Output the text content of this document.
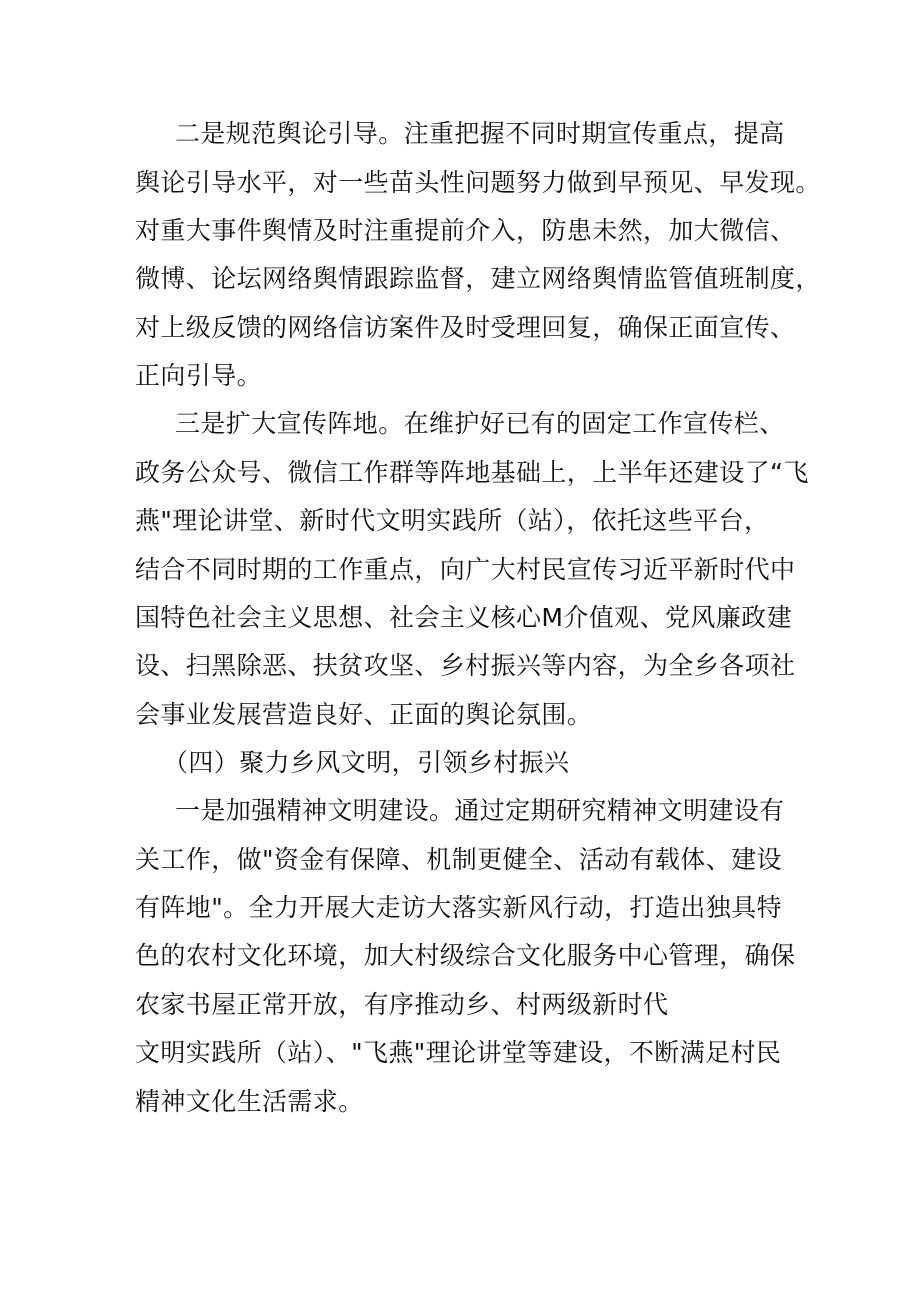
二是规范舆论引导。注重把握不同时期宣传重点，提高
舆论引导水平，对一些苗头性问题努力做到早预见、早发现。
对重大事件舆情及时注重提前介入，防患未然，加大微信、
微博、论坛网络舆情跟踪监督，建立网络舆情监管值班制度，
对上级反馈的网络信访案件及时受理回复，确保正面宣传、
正向引导。
三是扩大宣传阵地。在维护好已有的固定工作宣传栏、
政务公众号、微信工作群等阵地基础上，上半年还建设了“飞
燕"理论讲堂、新时代文明实践所（站），依托这些平台，
结合不同时期的工作重点，向广大村民宣传习近平新时代中
国特色社会主义思想、社会主义核心M介值观、党风廉政建
设、扫黑除恶、扶贫攻坚、乡村振兴等内容，为全乡各项社
会事业发展营造良好、正面的舆论氛围。
（四）聚力乡风文明，引领乡村振兴
一是加强精神文明建设。通过定期研究精神文明建设有
关工作，做"资金有保障、机制更健全、活动有载体、建设
有阵地"。全力开展大走访大落实新风行动，打造出独具特
色的农村文化环境，加大村级综合文化服务中心管理，确保
农家书屋正常开放，有序推动乡、村两级新时代
文明实践所（站）、"飞燕"理论讲堂等建设，不断满足村民
精神文化生活需求。
